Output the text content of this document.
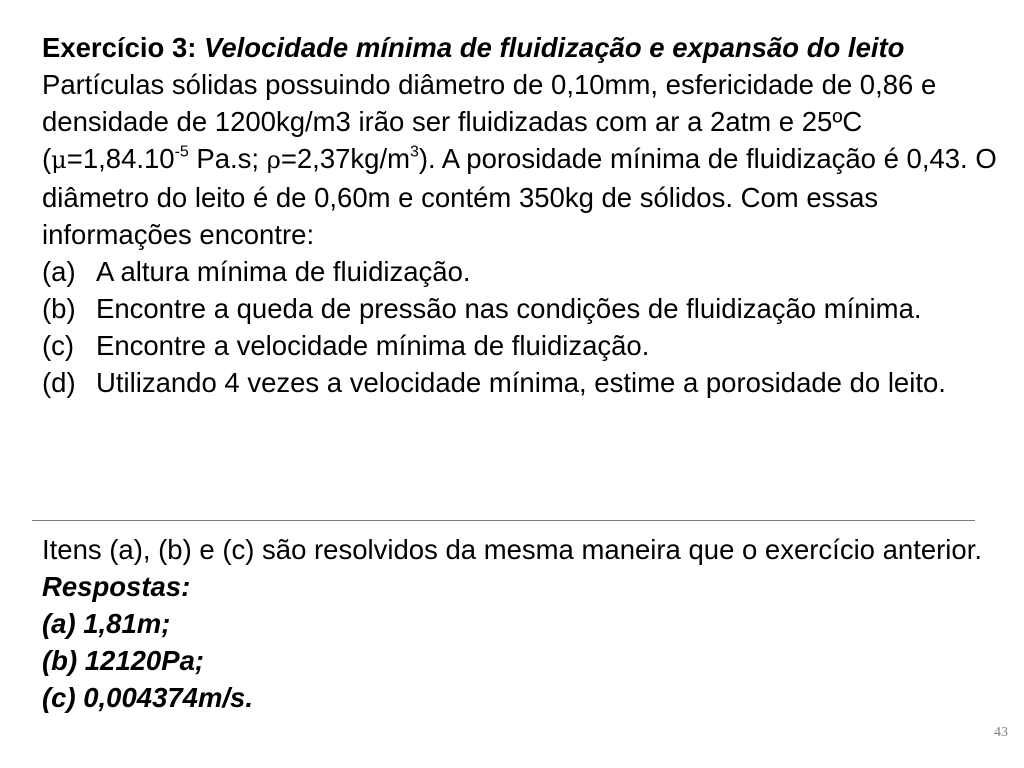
Exercício 3: Velocidade mínima de fluidização e expansão do leito

Partículas sólidas possuindo diâmetro de 0,10mm, esfericidade de 0,86 e densidade de 1200kg/m3 irão ser fluidizadas com ar a 2atm e 25ºC ($\mu=1,84.10^{-5}$ Pa.s; $\rho=2,37kg/m^3$). A porosidade mínima de fluidização é 0,43. O diâmetro do leito é de 0,60m e contém 350kg de sólidos. Com essas informações encontre:

(a) A altura mínima de fluidização.
(b) Encontre a queda de pressão nas condições de fluidização mínima.
(c) Encontre a velocidade mínima de fluidização.
(d) Utilizando 4 vezes a velocidade mínima, estime a porosidade do leito.
Itens (a), (b) e (c) são resolvidos da mesma maneira que o exercício anterior.
Respostas:
(a) 1,81m;
(b) 12120Pa;
(c) 0,004374m/s.
43
